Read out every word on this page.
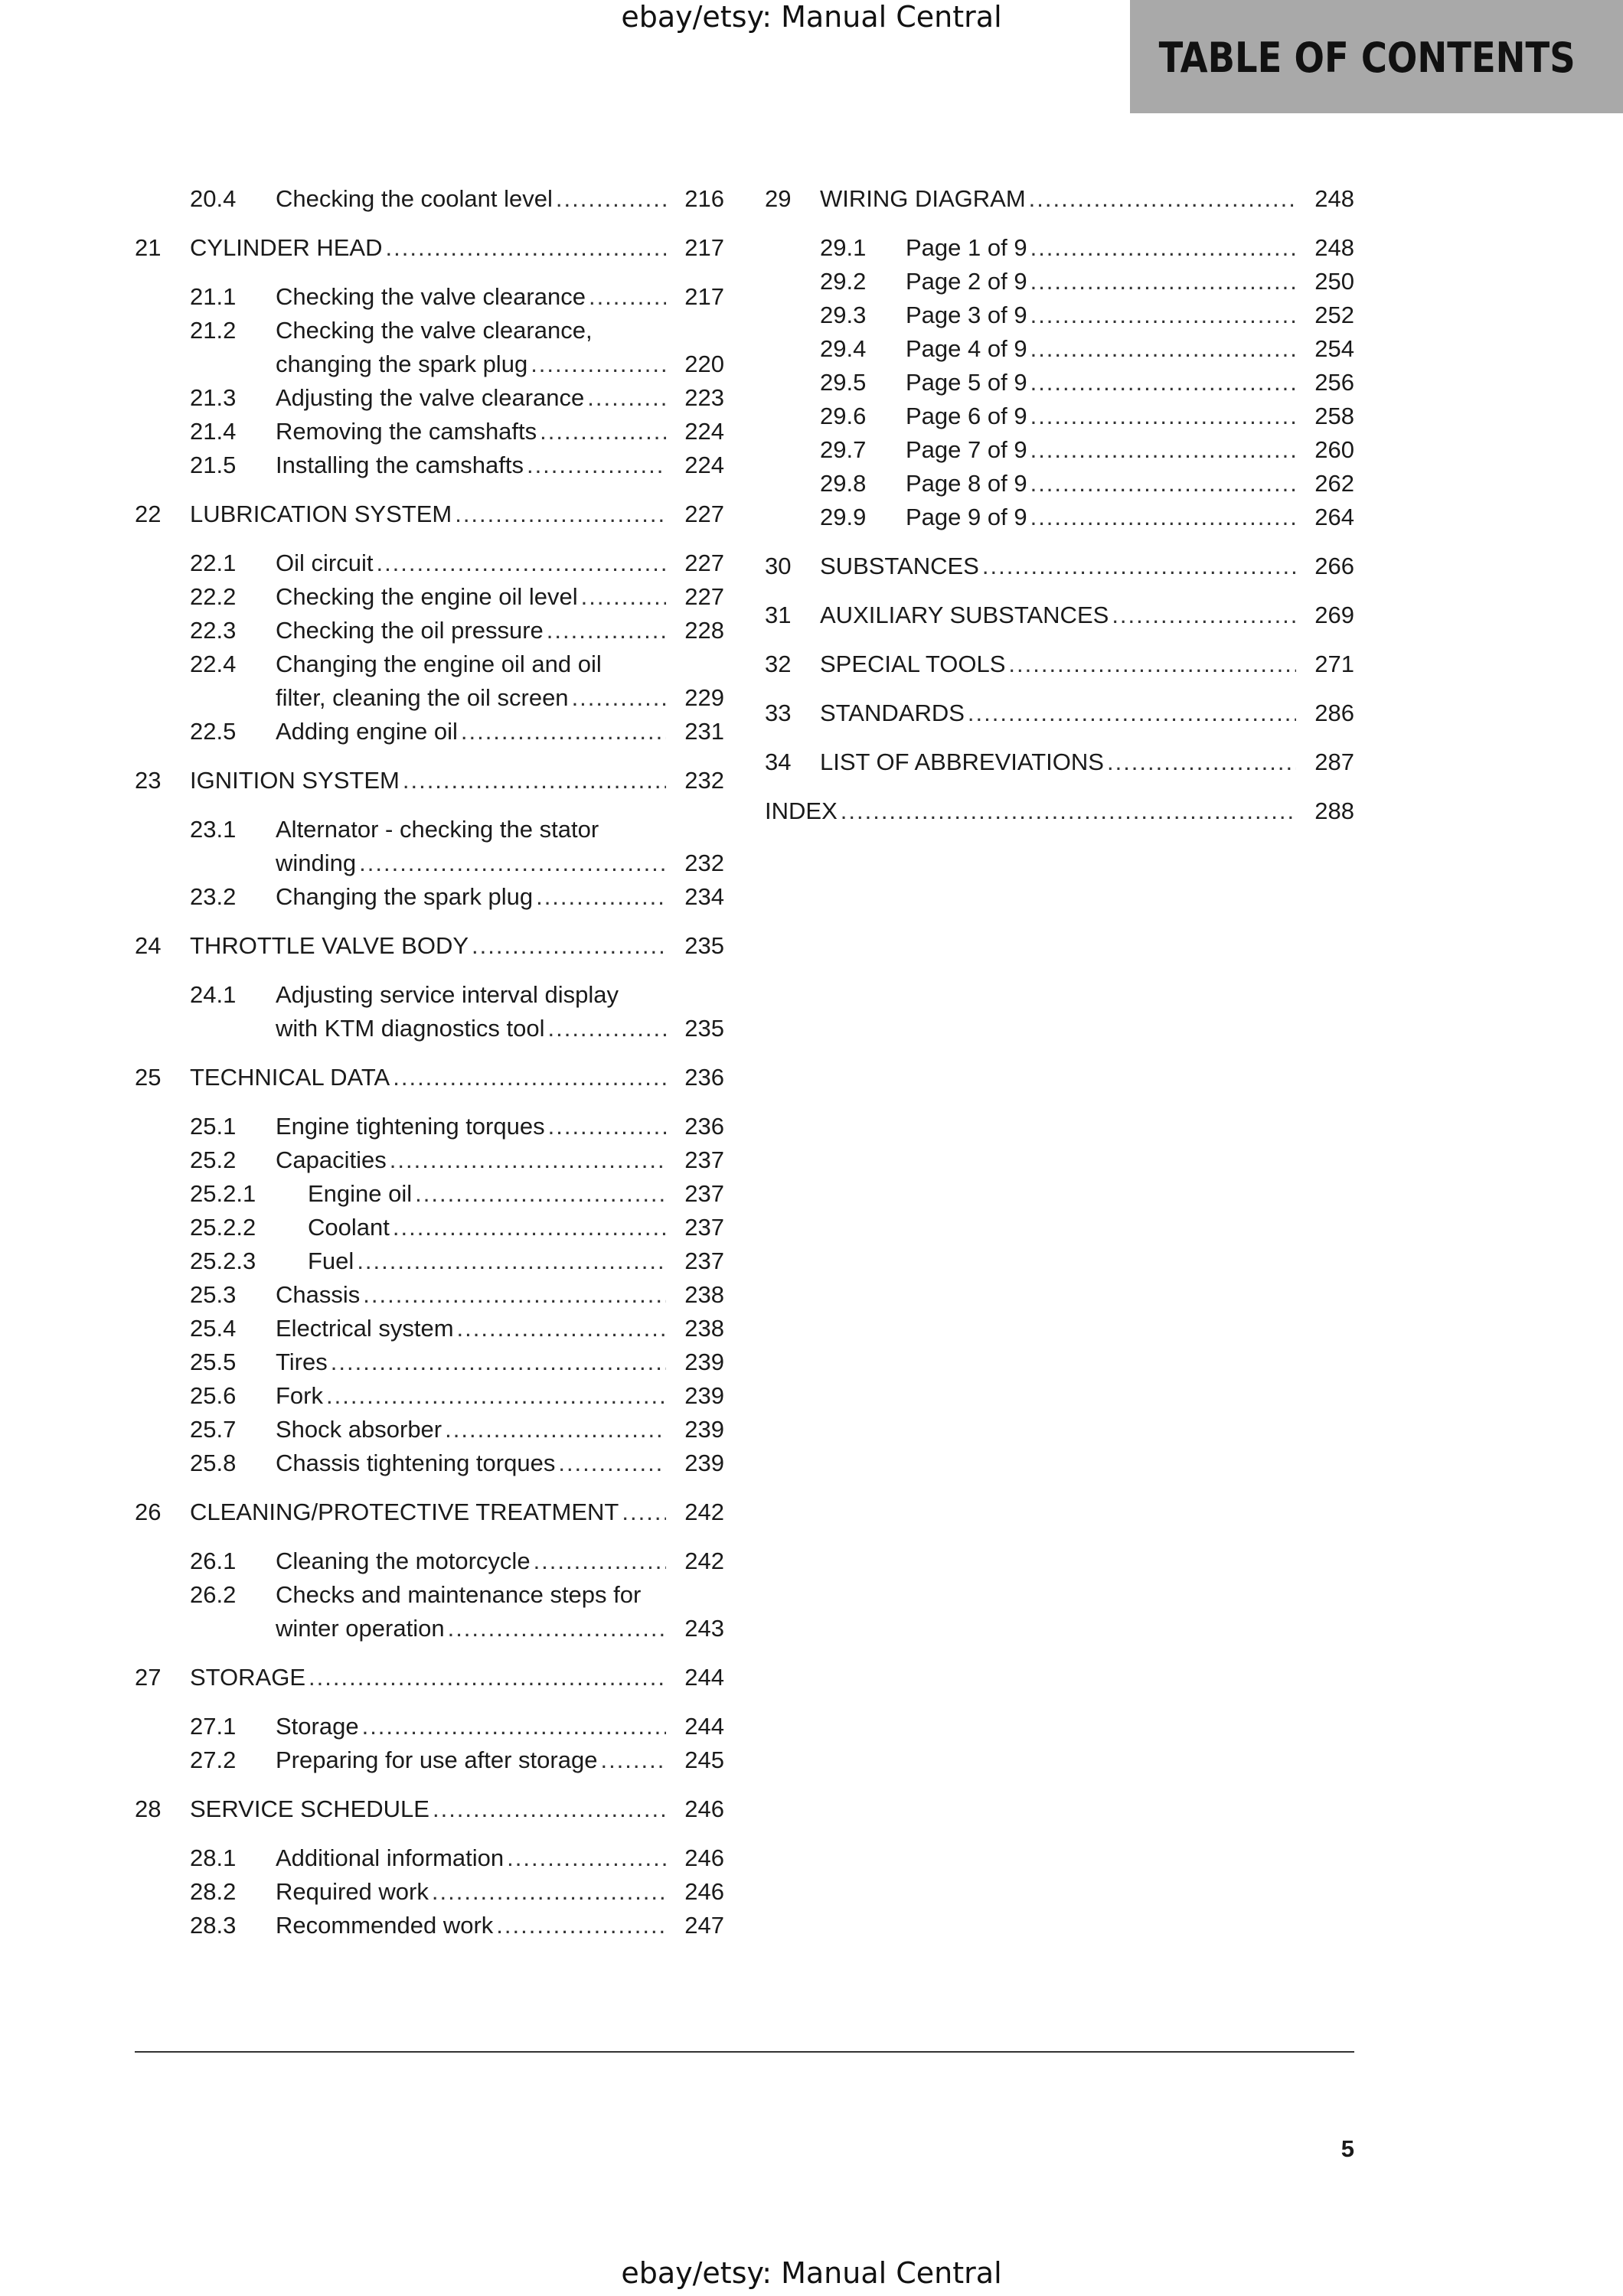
ebay/etsy: Manual Central
TABLE OF CONTENTS
20.4	Checking the coolant level .....	216
21	CYLINDER HEAD .....	217
21.1	Checking the valve clearance .....	217
21.2	Checking the valve clearance,
changing the spark plug .....	220
21.3	Adjusting the valve clearance .....	223
21.4	Removing the camshafts .....	224
21.5	Installing the camshafts .....	224
22	LUBRICATION SYSTEM .....	227
22.1	Oil circuit .....	227
22.2	Checking the engine oil level .....	227
22.3	Checking the oil pressure .....	228
22.4	Changing the engine oil and oil
filter, cleaning the oil screen .....	229
22.5	Adding engine oil .....	231
23	IGNITION SYSTEM .....	232
23.1	Alternator - checking the stator
winding .....	232
23.2	Changing the spark plug .....	234
24	THROTTLE VALVE BODY .....	235
24.1	Adjusting service interval display
with KTM diagnostics tool .....	235
25	TECHNICAL DATA .....	236
25.1	Engine tightening torques .....	236
25.2	Capacities .....	237
25.2.1	Engine oil .....	237
25.2.2	Coolant .....	237
25.2.3	Fuel .....	237
25.3	Chassis .....	238
25.4	Electrical system .....	238
25.5	Tires .....	239
25.6	Fork .....	239
25.7	Shock absorber .....	239
25.8	Chassis tightening torques .....	239
26	CLEANING/PROTECTIVE TREATMENT .....	242
26.1	Cleaning the motorcycle .....	242
26.2	Checks and maintenance steps for
winter operation .....	243
27	STORAGE .....	244
27.1	Storage .....	244
27.2	Preparing for use after storage .....	245
28	SERVICE SCHEDULE .....	246
28.1	Additional information .....	246
28.2	Required work .....	246
28.3	Recommended work .....	247
29	WIRING DIAGRAM .....	248
29.1	Page 1 of 9 .....	248
29.2	Page 2 of 9 .....	250
29.3	Page 3 of 9 .....	252
29.4	Page 4 of 9 .....	254
29.5	Page 5 of 9 .....	256
29.6	Page 6 of 9 .....	258
29.7	Page 7 of 9 .....	260
29.8	Page 8 of 9 .....	262
29.9	Page 9 of 9 .....	264
30	SUBSTANCES .....	266
31	AUXILIARY SUBSTANCES .....	269
32	SPECIAL TOOLS .....	271
33	STANDARDS .....	286
34	LIST OF ABBREVIATIONS .....	287
INDEX .....	288
5
ebay/etsy: Manual Central
